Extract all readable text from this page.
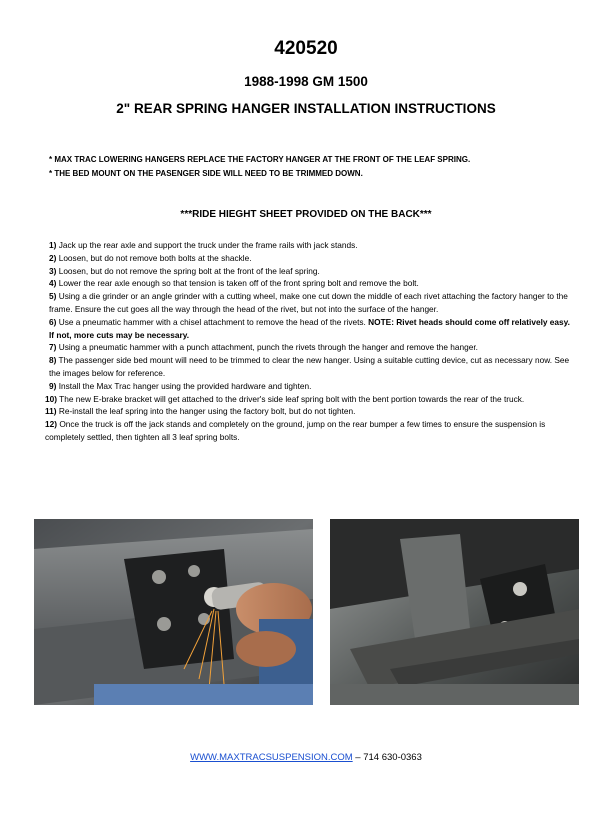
420520
1988-1998 GM 1500
2" REAR SPRING HANGER INSTALLATION INSTRUCTIONS
* MAX TRAC LOWERING HANGERS REPLACE THE FACTORY HANGER AT THE FRONT OF THE LEAF SPRING.
* THE BED MOUNT ON THE PASENGER SIDE WILL NEED TO BE TRIMMED DOWN.
***RIDE HIEGHT SHEET PROVIDED ON THE BACK***
1) Jack up the rear axle and support the truck under the frame rails with jack stands.
2) Loosen, but do not remove both bolts at the shackle.
3) Loosen, but do not remove the spring bolt at the front of the leaf spring.
4) Lower the rear axle enough so that tension is taken off of the front spring bolt and remove the bolt.
5) Using a die grinder or an angle grinder with a cutting wheel, make one cut down the middle of each rivet attaching the factory hanger to the frame. Ensure the cut goes all the way through the head of the rivet, but not into the surface of the hanger.
6) Use a pneumatic hammer with a chisel attachment to remove the head of the rivets. NOTE: Rivet heads should come off relatively easy. If not, more cuts may be necessary.
7) Using a pneumatic hammer with a punch attachment, punch the rivets through the hanger and remove the hanger.
8) The passenger side bed mount will need to be trimmed to clear the new hanger. Using a suitable cutting device, cut as necessary now. See the images below for reference.
9) Install the Max Trac hanger using the provided hardware and tighten.
10) The new E-brake bracket will get attached to the driver's side leaf spring bolt with the bent portion towards the rear of the truck.
11) Re-install the leaf spring into the hanger using the factory bolt, but do not tighten.
12) Once the truck is off the jack stands and completely on the ground, jump on the rear bumper a few times to ensure the suspension is completely settled, then tighten all 3 leaf spring bolts.
WWW.MAXTRACSUSPENSION.COM – 714 630-0363
